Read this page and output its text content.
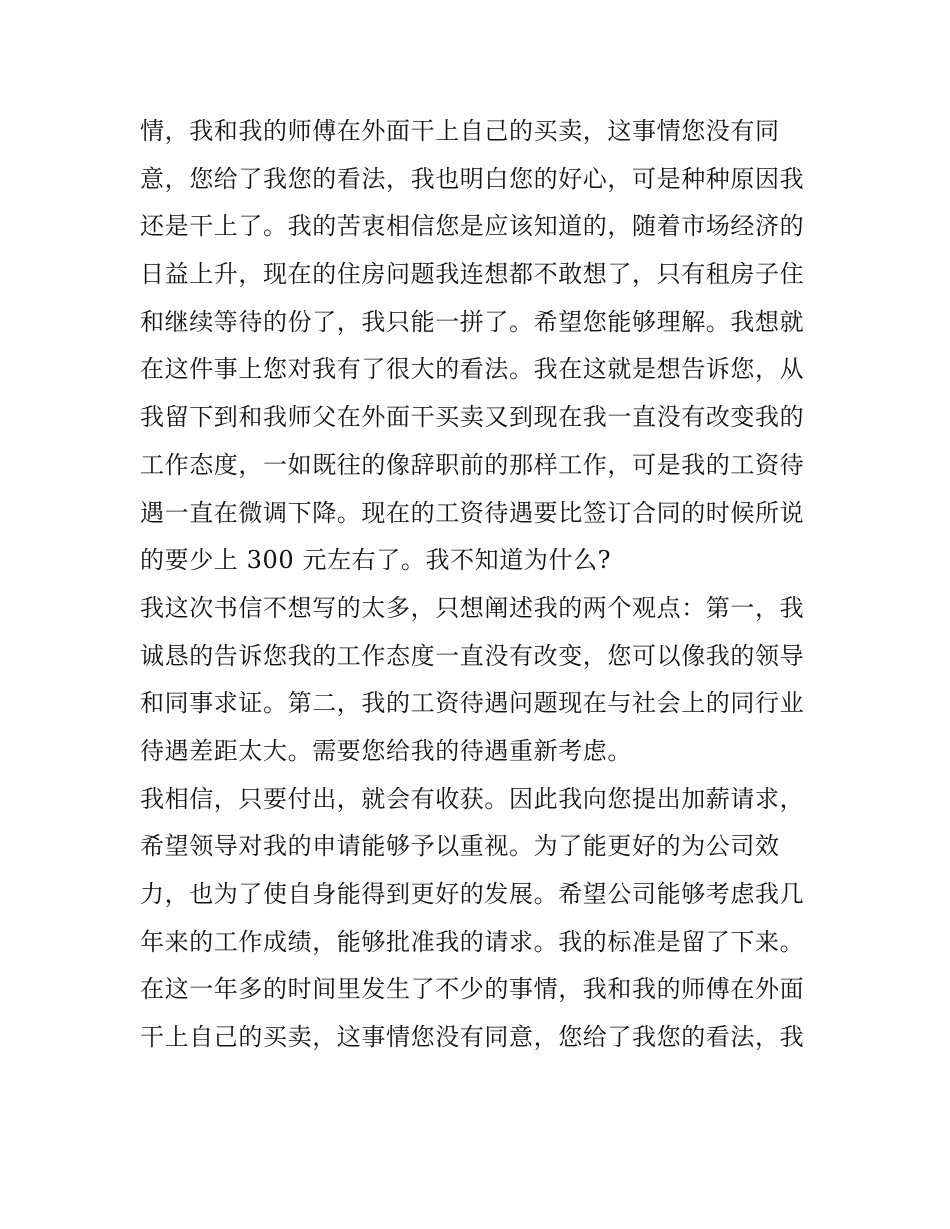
情，我和我的师傅在外面干上自己的买卖，这事情您没有同
意，您给了我您的看法，我也明白您的好心，可是种种原因我
还是干上了。我的苦衷相信您是应该知道的，随着市场经济的
日益上升，现在的住房问题我连想都不敢想了，只有租房子住
和继续等待的份了，我只能一拼了。希望您能够理解。我想就
在这件事上您对我有了很大的看法。我在这就是想告诉您，从
我留下到和我师父在外面干买卖又到现在我一直没有改变我的
工作态度，一如既往的像辞职前的那样工作，可是我的工资待
遇一直在微调下降。现在的工资待遇要比签订合同的时候所说
的要少上 300 元左右了。我不知道为什么?
我这次书信不想写的太多，只想阐述我的两个观点：第一，我
诚恳的告诉您我的工作态度一直没有改变，您可以像我的领导
和同事求证。第二，我的工资待遇问题现在与社会上的同行业
待遇差距太大。需要您给我的待遇重新考虑。
我相信，只要付出，就会有收获。因此我向您提出加薪请求，
希望领导对我的申请能够予以重视。为了能更好的为公司效
力，也为了使自身能得到更好的发展。希望公司能够考虑我几
年来的工作成绩，能够批准我的请求。我的标准是留了下来。
在这一年多的时间里发生了不少的事情，我和我的师傅在外面
干上自己的买卖，这事情您没有同意，您给了我您的看法，我
